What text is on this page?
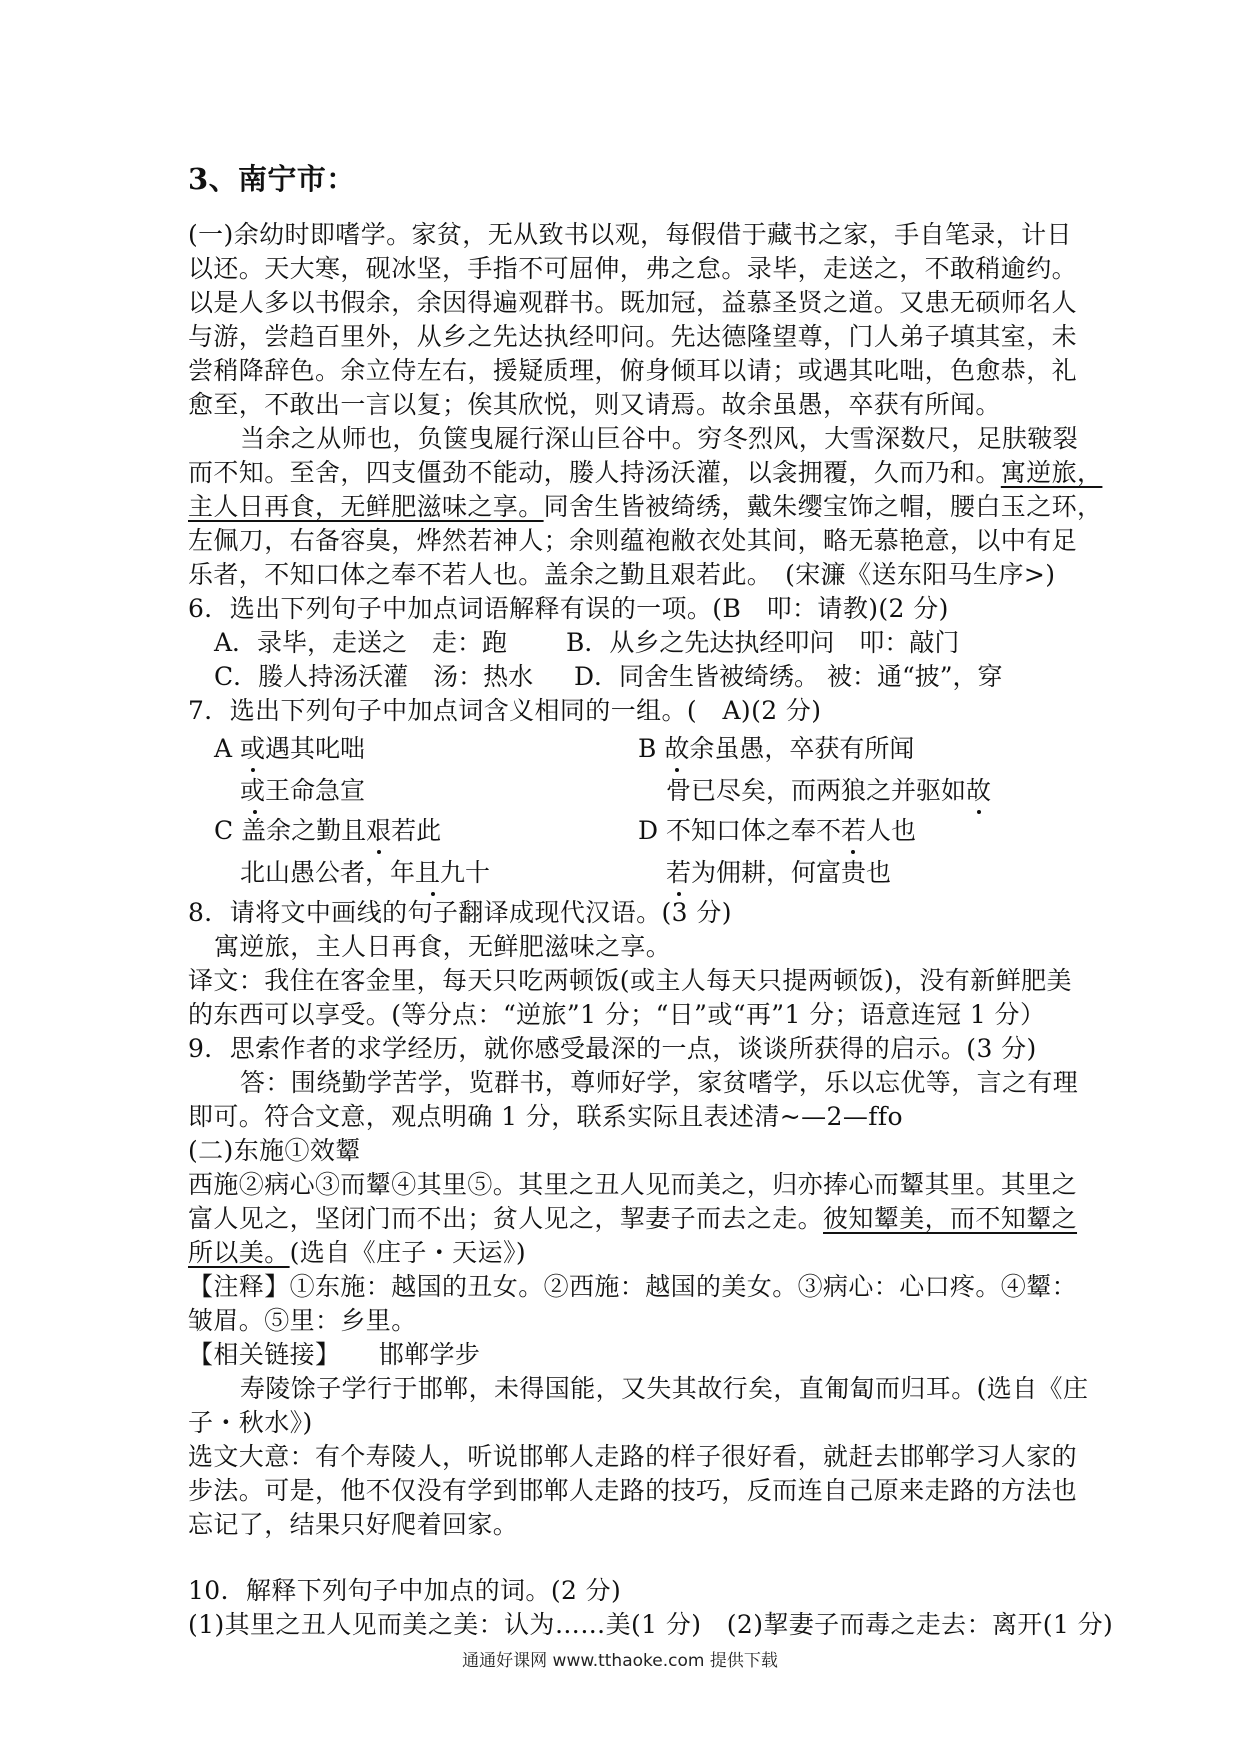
3、南宁市：
(一)余幼时即嗜学。家贫，无从致书以观，每假借于藏书之家，手自笔录，计日
以还。天大寒，砚冰坚，手指不可屈伸，弗之怠。录毕，走送之，不敢稍逾约。
以是人多以书假余，余因得遍观群书。既加冠，益慕圣贤之道。又患无硕师名人
与游，尝趋百里外，从乡之先达执经叩问。先达德隆望尊，门人弟子填其室，未
尝稍降辞色。余立侍左右，援疑质理，俯身倾耳以请；或遇其叱咄，色愈恭，礼
愈至，不敢出一言以复；俟其欣悦，则又请焉。故余虽愚，卒获有所闻。
当余之从师也，负箧曳屣行深山巨谷中。穷冬烈风，大雪深数尺，足肤皲裂
而不知。至舍，四支僵劲不能动，媵人持汤沃灌，以衾拥覆，久而乃和。寓逆旅，
主人日再食，无鲜肥滋味之享。同舍生皆被绮绣，戴朱缨宝饰之帽，腰白玉之环，
左佩刀，右备容臭，烨然若神人；余则蕴袍敝衣处其间，略无慕艳意，以中有足
乐者，不知口体之奉不若人也。盖余之勤且艰若此。　(宋濂《送东阳马生序>)
6．选出下列句子中加点词语解释有误的一项。(B　叩：请教)(2 分)
A．录毕，走送之　走：跑 B．从乡之先达执经叩问　叩：敲门
C．媵人持汤沃灌　汤：热水 D．同舍生皆被绮绣。 被：通“披”，穿
7．选出下列句子中加点词含义相同的一组。(　A)(2 分)
A 或遇其叱咄	B 故余虽愚，卒获有所闻
或王命急宣	骨已尽矣，而两狼之并驱如故
C 盖余之勤且艰若此	D 不知口体之奉不若人也
北山愚公者，年且九十	若为佣耕，何富贵也
8．请将文中画线的句子翻译成现代汉语。(3 分)
寓逆旅，主人日再食，无鲜肥滋味之享。
译文：我住在客金里，每天只吃两顿饭(或主人每天只提两顿饭)，没有新鲜肥美
的东西可以享受。(等分点：“逆旅”1 分；“日”或“再”1 分；语意连冠 1 分）
9．思索作者的求学经历，就你感受最深的一点，谈谈所获得的启示。(3 分)
答：围绕勤学苦学，览群书，尊师好学，家贫嗜学，乐以忘优等，言之有理
即可。符合文意，观点明确 1 分，联系实际且表述清~—2—ffo
(二)东施①效颦
西施②病心③而颦④其里⑤。其里之丑人见而美之，归亦捧心而颦其里。其里之
富人见之，坚闭门而不出；贫人见之，挈妻子而去之走。彼知颦美，而不知颦之
所以美。(选自《庄子・天运》)
【注释】①东施：越国的丑女。②西施：越国的美女。③病心：心口疼。④颦：
皱眉。⑤里：乡里。
【相关链接】　　邯郸学步
寿陵馀子学行于邯郸，未得国能，又失其故行矣，直匍匐而归耳。(选自《庄
子・秋水》)
选文大意：有个寿陵人，听说邯郸人走路的样子很好看，就赶去邯郸学习人家的
步法。可是，他不仅没有学到邯郸人走路的技巧，反而连自己原来走路的方法也
忘记了，结果只好爬着回家。
10．解释下列句子中加点的词。(2 分)
(1)其里之丑人见而美之美：认为……美(1 分)　(2)挈妻子而毒之走去：离开(1 分)
通通好课网 www.tthaoke.com 提供下载
